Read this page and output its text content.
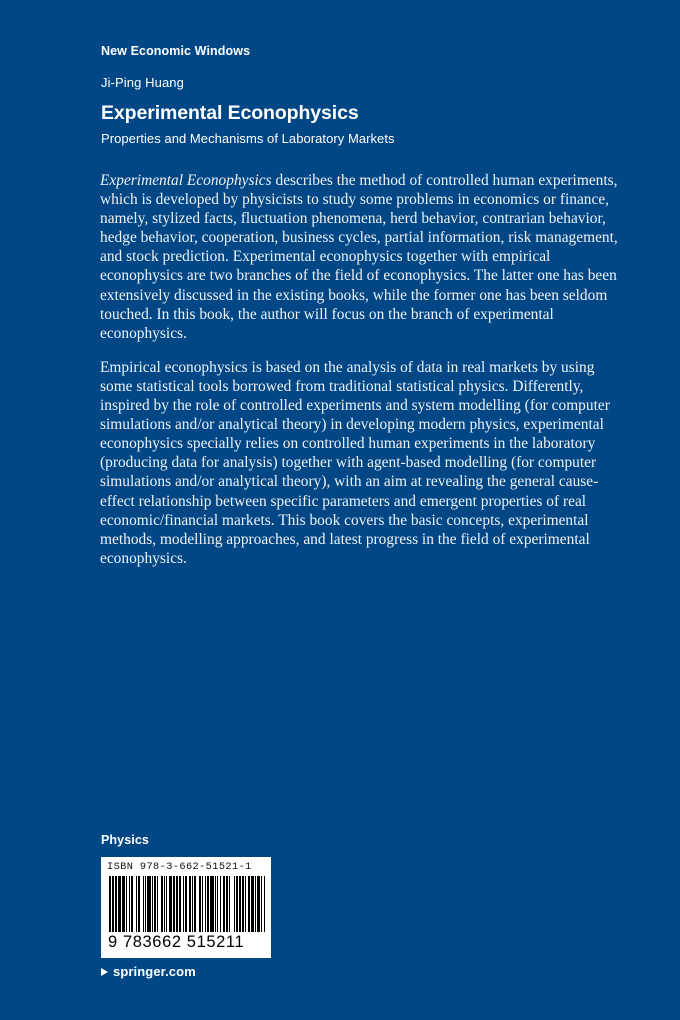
New Economic Windows
Ji-Ping Huang
Experimental Econophysics
Properties and Mechanisms of Laboratory Markets

Experimental Econophysics describes the method of controlled human experiments, which is developed by physicists to study some problems in economics or finance, namely, stylized facts, fluctuation phenomena, herd behavior, contrarian behavior, hedge behavior, cooperation, business cycles, partial information, risk management, and stock prediction. Experimental econophysics together with empirical econophysics are two branches of the field of econophysics. The latter one has been extensively discussed in the existing books, while the former one has been seldom touched. In this book, the author will focus on the branch of experimental econophysics.

Empirical econophysics is based on the analysis of data in real markets by using some statistical tools borrowed from traditional statistical physics. Differently, inspired by the role of controlled experiments and system modelling (for computer simulations and/or analytical theory) in developing modern physics, experimental econophysics specially relies on controlled human experiments in the laboratory (producing data for analysis) together with agent-based modelling (for computer simulations and/or analytical theory), with an aim at revealing the general cause-effect relationship between specific parameters and emergent properties of real economic/financial markets. This book covers the basic concepts, experimental methods, modelling approaches, and latest progress in the field of experimental econophysics.

Physics
ISBN 978-3-662-51521-1
9 783662 515211
springer.com
